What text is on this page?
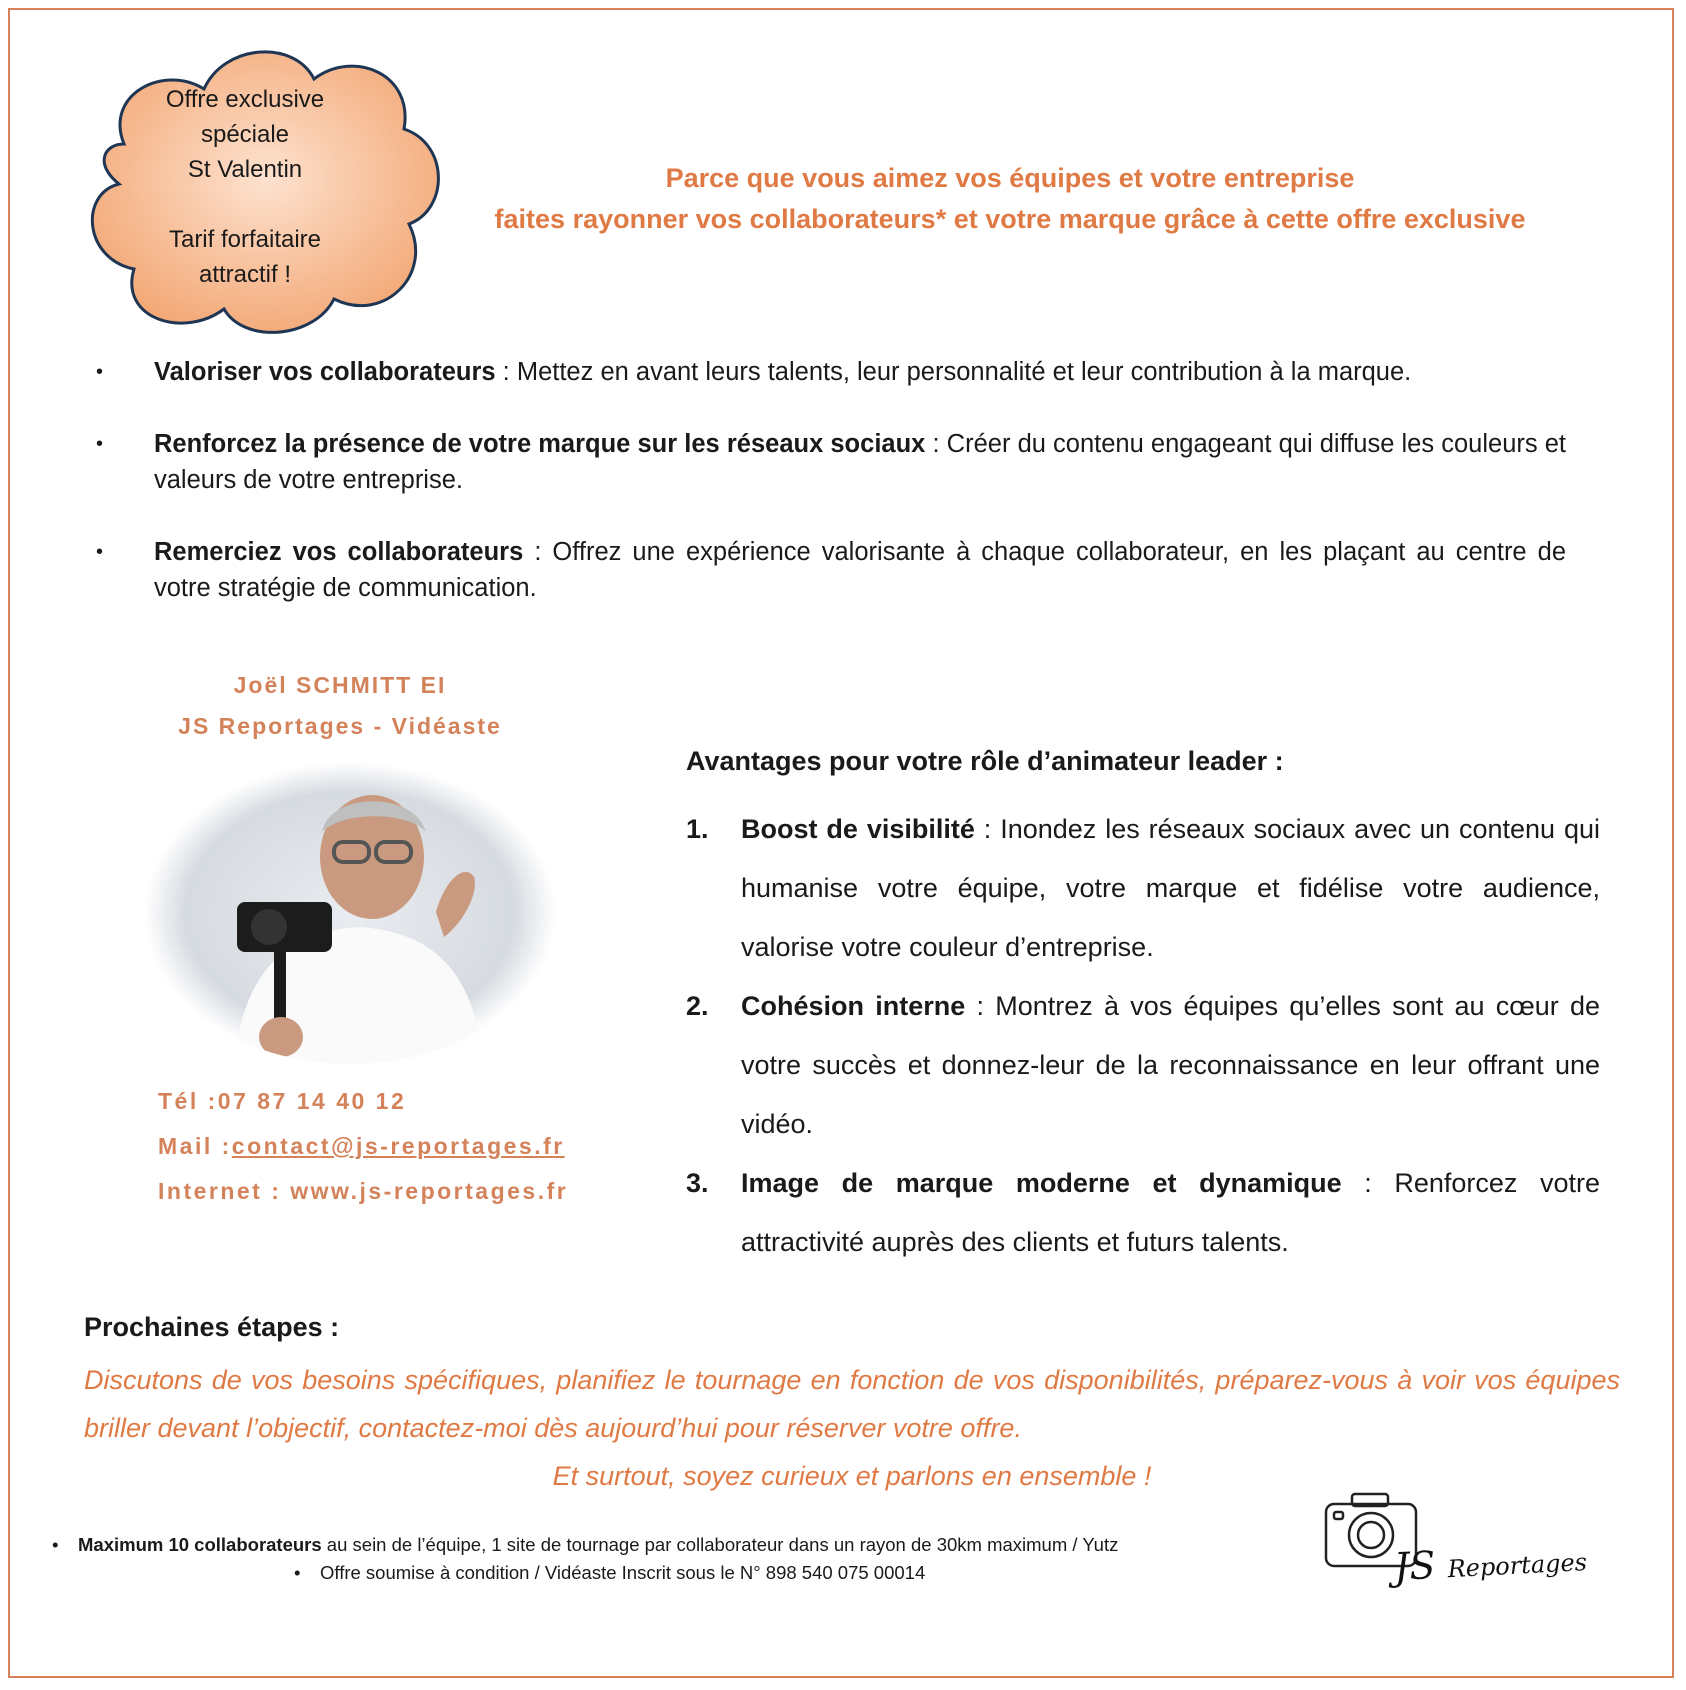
Offre exclusive
spéciale
St Valentin
Tarif forfaitaire
attractif !
Parce que vous aimez vos équipes et votre entreprise
faites rayonner vos collaborateurs* et votre marque grâce à cette offre exclusive
• Valoriser vos collaborateurs : Mettez en avant leurs talents, leur personnalité et leur contribution à la marque.
• Renforcez la présence de votre marque sur les réseaux sociaux : Créer du contenu engageant qui diffuse les couleurs et valeurs de votre entreprise.
• Remerciez vos collaborateurs : Offrez une expérience valorisante à chaque collaborateur, en les plaçant au centre de votre stratégie de communication.
Joël SCHMITT EI
JS Reportages - Vidéaste
Tél :07 87 14 40 12
Mail :contact@js-reportages.fr
Internet : www.js-reportages.fr
Avantages pour votre rôle d’animateur leader :
1. Boost de visibilité : Inondez les réseaux sociaux avec un contenu qui humanise votre équipe, votre marque et fidélise votre audience, valorise votre couleur d’entreprise.
2. Cohésion interne : Montrez à vos équipes qu’elles sont au cœur de votre succès et donnez-leur de la reconnaissance en leur offrant une vidéo.
3. Image de marque moderne et dynamique : Renforcez votre attractivité auprès des clients et futurs talents.
Prochaines étapes :
Discutons de vos besoins spécifiques, planifiez le tournage en fonction de vos disponibilités, préparez-vous à voir vos équipes briller devant l’objectif, contactez-moi dès aujourd’hui pour réserver votre offre.
Et surtout, soyez curieux et parlons en ensemble !
• Maximum 10 collaborateurs au sein de l’équipe, 1 site de tournage par collaborateur dans un rayon de 30km maximum / Yutz
• Offre soumise à condition / Vidéaste Inscrit sous le N° 898 540 075 00014	JS Reportages
